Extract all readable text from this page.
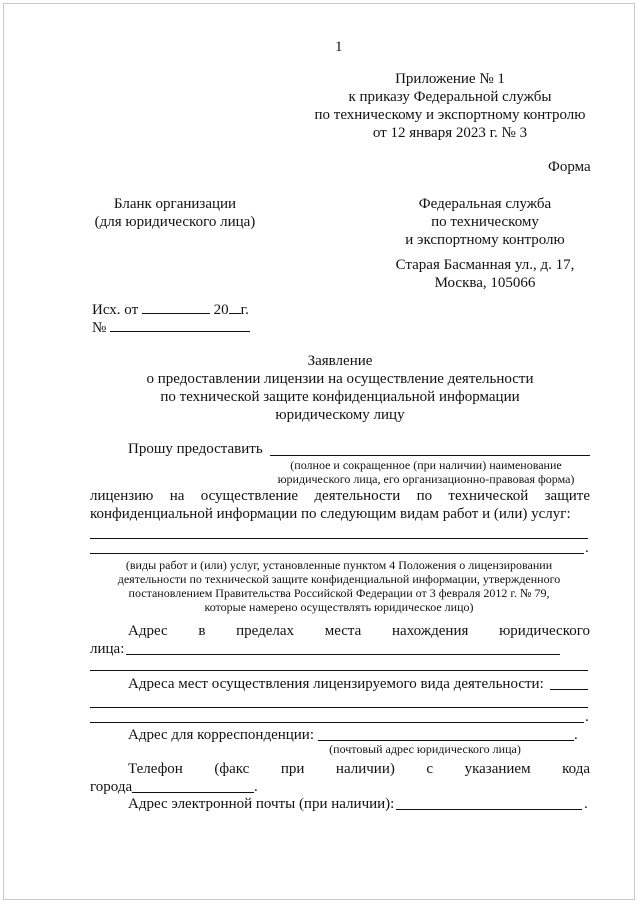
1
Приложение № 1
к приказу Федеральной службы
по техническому и экспортному контролю
от 12 января 2023 г. № 3
Форма
Бланк организации
(для юридического лица)
Федеральная служба
по техническому
и экспортному контролю
Старая Басманная ул., д. 17,
Москва, 105066
Исх. от	20 г.
№
Заявление
о предоставлении лицензии на осуществление деятельности
по технической защите конфиденциальной информации
юридическому лицу
Прошу предоставить
(полное и сокращенное (при наличии) наименование
юридического лица, его организационно-правовая форма)
лицензию на осуществление деятельности по технической защите
конфиденциальной информации по следующим видам работ и (или) услуг:
.
(виды работ и (или) услуг, установленные пунктом 4 Положения о лицензировании
деятельности по технической защите конфиденциальной информации, утвержденного
постановлением Правительства Российской Федерации от 3 февраля 2012 г. № 79,
которые намерено осуществлять юридическое лицо)
Адрес в пределах места нахождения юридического
лица:
Адреса мест осуществления лицензируемого вида деятельности:
.
Адрес для корреспонденции:	.
(почтовый адрес юридического лица)
Телефон (факс при наличии) с указанием кода
города	.
Адрес электронной почты (при наличии):	.
